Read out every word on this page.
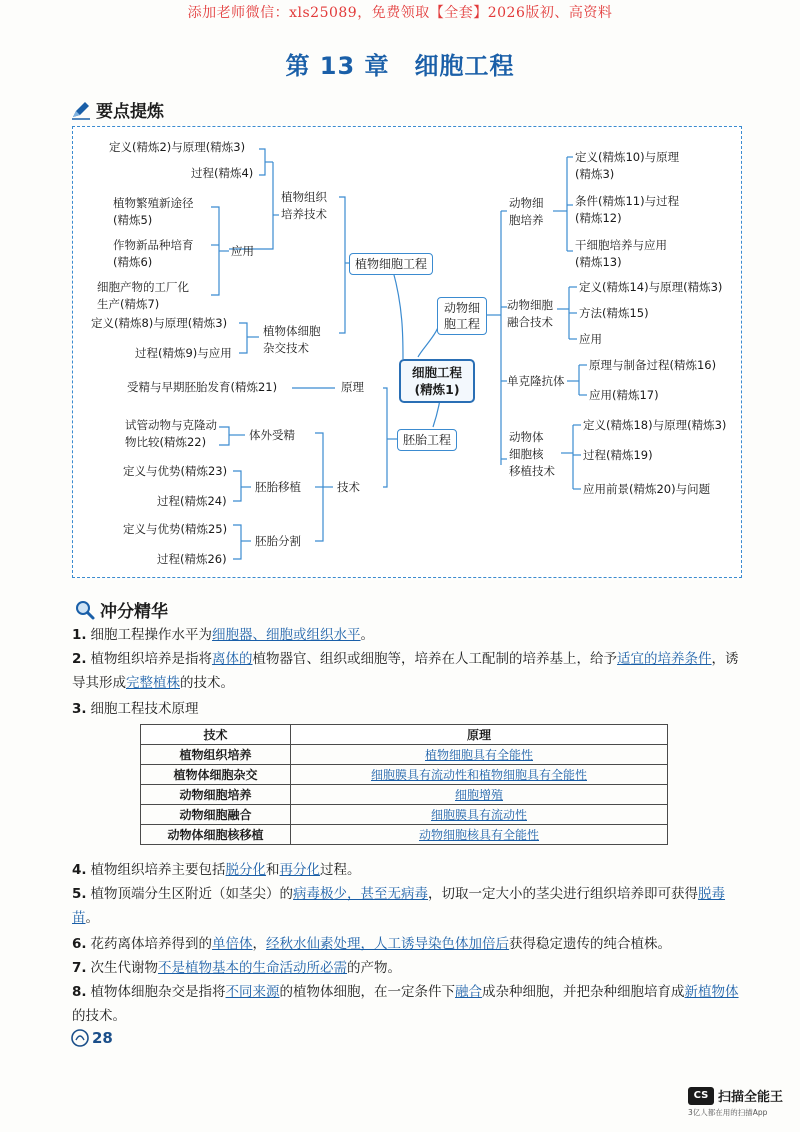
添加老师微信：xls25089，免费领取【全套】2026版初、高资料
第 13 章　细胞工程
要点提炼
定义(精炼2)与原理(精炼3)
过程(精炼4)
植物繁殖新途径
(精炼5)
作物新品种培育
(精炼6)
细胞产物的工厂化
生产(精炼7)
应用
植物组织
培养技术
定义(精炼8)与原理(精炼3)
过程(精炼9)与应用
植物体细胞
杂交技术
植物细胞工程
细胞工程
(精炼1)
受精与早期胚胎发育(精炼21)	原理
试管动物与克隆动
物比较(精炼22)	体外受精
定义与优势(精炼23)
过程(精炼24)
胚胎移植
定义与优势(精炼25)
过程(精炼26)
胚胎分割
技术
胚胎工程
动物细
胞工程
动物细
胞培养
定义(精炼10)与原理
(精炼3)
条件(精炼11)与过程
(精炼12)
干细胞培养与应用
(精炼13)
动物细胞
融合技术
定义(精炼14)与原理(精炼3)
方法(精炼15)
应用
单克隆抗体
原理与制备过程(精炼16)
应用(精炼17)
动物体
细胞核
移植技术
定义(精炼18)与原理(精炼3)
过程(精炼19)
应用前景(精炼20)与问题
冲分精华
1. 细胞工程操作水平为细胞器、细胞或组织水平。
2. 植物组织培养是指将离体的植物器官、组织或细胞等，培养在人工配制的培养基上，给予适宜的培养条件，诱导其形成完整植株的技术。
3. 细胞工程技术原理
技术	原理
植物组织培养	植物细胞具有全能性
植物体细胞杂交	细胞膜具有流动性和植物细胞具有全能性
动物细胞培养	细胞增殖
动物细胞融合	细胞膜具有流动性
动物体细胞核移植	动物细胞核具有全能性
4. 植物组织培养主要包括脱分化和再分化过程。
5. 植物顶端分生区附近（如茎尖）的病毒极少，甚至无病毒，切取一定大小的茎尖进行组织培养即可获得脱毒苗。
6. 花药离体培养得到的单倍体，经秋水仙素处理，人工诱导染色体加倍后获得稳定遗传的纯合植株。
7. 次生代谢物不是植物基本的生命活动所必需的产物。
8. 植物体细胞杂交是指将不同来源的植物体细胞，在一定条件下融合成杂种细胞，并把杂种细胞培育成新植物体的技术。
28
CS 扫描全能王
3亿人都在用的扫描App
